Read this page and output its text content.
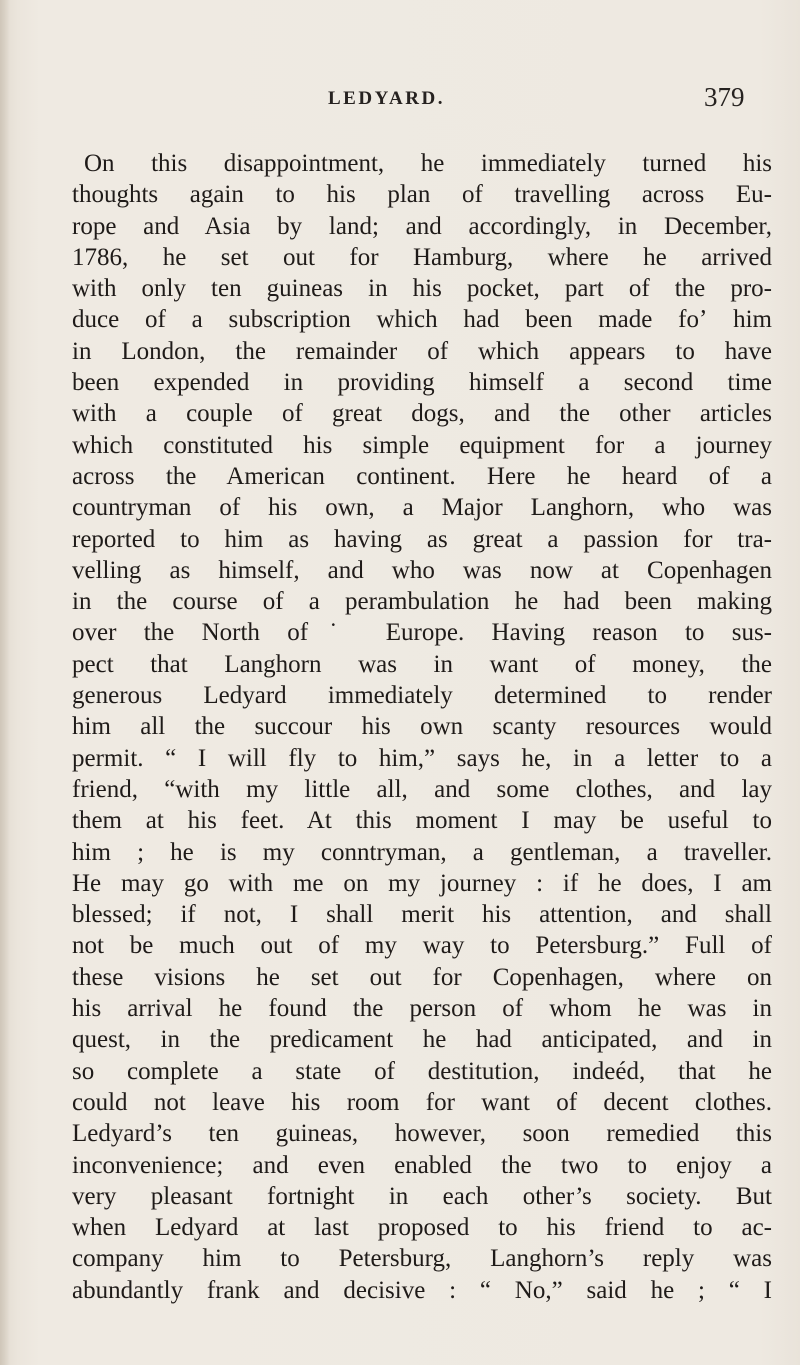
LEDYARD.	379
On this disappointment, he immediately turned his
thoughts again to his plan of travelling across Eu-
rope and Asia by land; and accordingly, in December,
1786, he set out for Hamburg, where he arrived
with only ten guineas in his pocket, part of the pro-
duce of a subscription which had been made foʼ him
in London, the remainder of which appears to have
been expended in providing himself a second time
with a couple of great dogs, and the other articles
which constituted his simple equipment for a journey
across the American continent. Here he heard of a
countryman of his own, a Major Langhorn, who was
reported to him as having as great a passion for tra-
velling as himself, and who was now at Copenhagen
in the course of a perambulation he had been making
over the North of˙ Europe. Having reason to sus-
pect that Langhorn was in want of money, the
generous Ledyard immediately determined to render
him all the succour his own scanty resources would
permit. “ I will fly to him,” says he, in a letter to a
friend, “with my little all, and some clothes, and lay
them at his feet. At this moment I may be useful to
him ; he is my conntryman, a gentleman, a traveller.
He may go with me on my journey : if he does, I am
blessed; if not, I shall merit his attention, and shall
not be much out of my way to Petersburg.” Full of
these visions he set out for Copenhagen, where on
his arrival he found the person of whom he was in
quest, in the predicament he had anticipated, and in
so complete a state of destitution, indeéd, that he
could not leave his room for want of decent clothes.
Ledyard’s ten guineas, however, soon remedied this
inconvenience; and even enabled the two to enjoy a
very pleasant fortnight in each other’s society. But
when Ledyard at last proposed to his friend to ac-
company him to Petersburg, Langhorn’s reply was
abundantly frank and decisive : “ No,” said he ; “ I
